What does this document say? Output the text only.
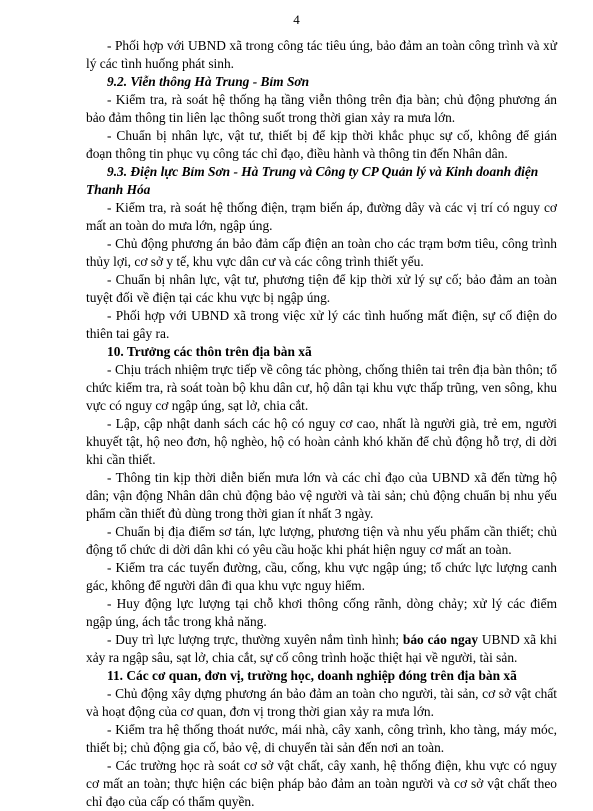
4

- Phối hợp với UBND xã trong công tác tiêu úng, bảo đảm an toàn công trình và xử lý các tình huống phát sinh.

9.2. Viễn thông Hà Trung - Bỉm Sơn

- Kiểm tra, rà soát hệ thống hạ tầng viễn thông trên địa bàn; chủ động phương án bảo đảm thông tin liên lạc thông suốt trong thời gian xảy ra mưa lớn.

- Chuẩn bị nhân lực, vật tư, thiết bị để kịp thời khắc phục sự cố, không để gián đoạn thông tin phục vụ công tác chỉ đạo, điều hành và thông tin đến Nhân dân.

9.3. Điện lực Bỉm Sơn - Hà Trung và Công ty CP Quản lý và Kinh doanh điện Thanh Hóa

- Kiểm tra, rà soát hệ thống điện, trạm biến áp, đường dây và các vị trí có nguy cơ mất an toàn do mưa lớn, ngập úng.

- Chủ động phương án bảo đảm cấp điện an toàn cho các trạm bơm tiêu, công trình thủy lợi, cơ sở y tế, khu vực dân cư và các công trình thiết yếu.

- Chuẩn bị nhân lực, vật tư, phương tiện để kịp thời xử lý sự cố; bảo đảm an toàn tuyệt đối về điện tại các khu vực bị ngập úng.

- Phối hợp với UBND xã trong việc xử lý các tình huống mất điện, sự cố điện do thiên tai gây ra.

10. Trưởng các thôn trên địa bàn xã

- Chịu trách nhiệm trực tiếp về công tác phòng, chống thiên tai trên địa bàn thôn; tổ chức kiểm tra, rà soát toàn bộ khu dân cư, hộ dân tại khu vực thấp trũng, ven sông, khu vực có nguy cơ ngập úng, sạt lở, chia cắt.

- Lập, cập nhật danh sách các hộ có nguy cơ cao, nhất là người già, trẻ em, người khuyết tật, hộ neo đơn, hộ nghèo, hộ có hoàn cảnh khó khăn để chủ động hỗ trợ, di dời khi cần thiết.

- Thông tin kịp thời diễn biến mưa lớn và các chỉ đạo của UBND xã đến từng hộ dân; vận động Nhân dân chủ động bảo vệ người và tài sản; chủ động chuẩn bị nhu yếu phẩm cần thiết đủ dùng trong thời gian ít nhất 3 ngày.

- Chuẩn bị địa điểm sơ tán, lực lượng, phương tiện và nhu yếu phẩm cần thiết; chủ động tổ chức di dời dân khi có yêu cầu hoặc khi phát hiện nguy cơ mất an toàn.

- Kiểm tra các tuyến đường, cầu, cống, khu vực ngập úng; tổ chức lực lượng canh gác, không để người dân đi qua khu vực nguy hiểm.

- Huy động lực lượng tại chỗ khơi thông cống rãnh, dòng chảy; xử lý các điểm ngập úng, ách tắc trong khả năng.

- Duy trì lực lượng trực, thường xuyên nắm tình hình; báo cáo ngay UBND xã khi xảy ra ngập sâu, sạt lở, chia cắt, sự cố công trình hoặc thiệt hại về người, tài sản.

11. Các cơ quan, đơn vị, trường học, doanh nghiệp đóng trên địa bàn xã

- Chủ động xây dựng phương án bảo đảm an toàn cho người, tài sản, cơ sở vật chất và hoạt động của cơ quan, đơn vị trong thời gian xảy ra mưa lớn.

- Kiểm tra hệ thống thoát nước, mái nhà, cây xanh, công trình, kho tàng, máy móc, thiết bị; chủ động gia cố, bảo vệ, di chuyển tài sản đến nơi an toàn.

- Các trường học rà soát cơ sở vật chất, cây xanh, hệ thống điện, khu vực có nguy cơ mất an toàn; thực hiện các biện pháp bảo đảm an toàn người và cơ sở vật chất theo chỉ đạo của cấp có thẩm quyền.
